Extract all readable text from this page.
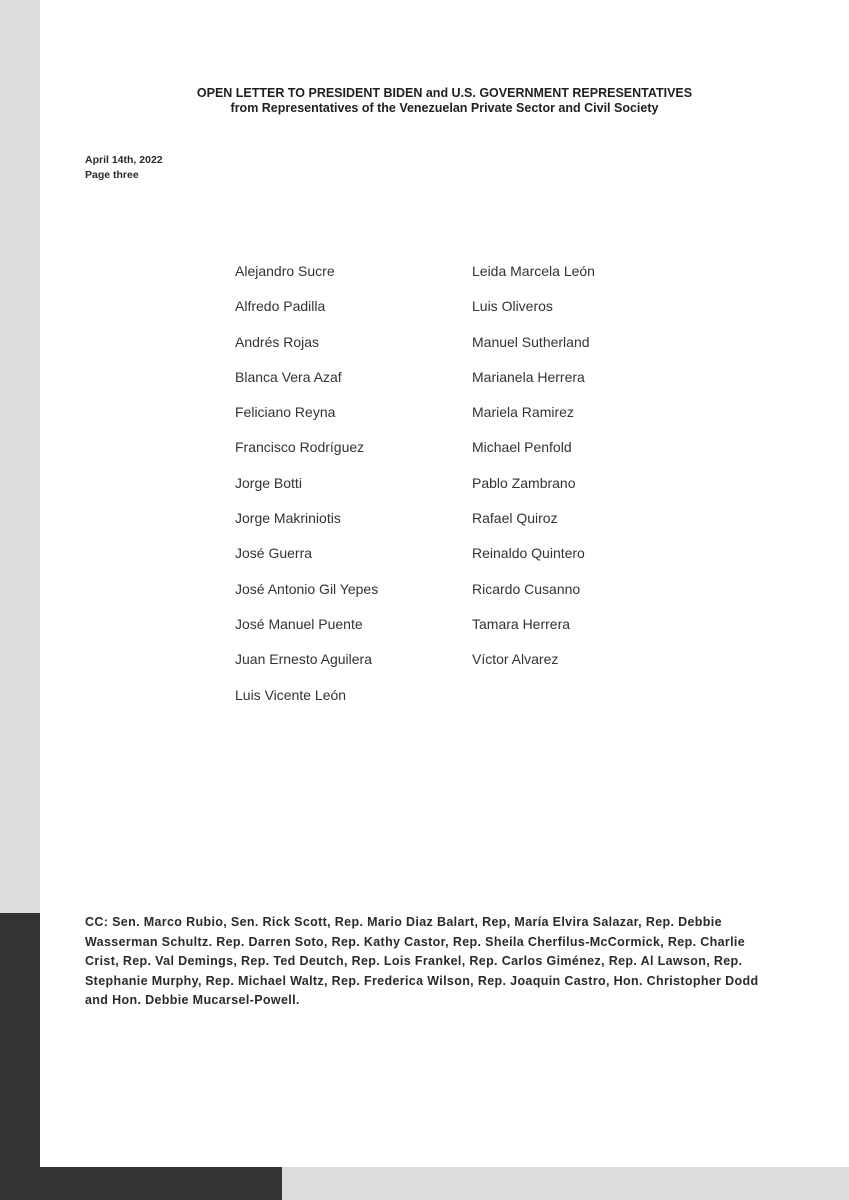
OPEN LETTER TO PRESIDENT BIDEN and U.S. GOVERNMENT REPRESENTATIVES
from Representatives of the Venezuelan Private Sector and Civil Society
April 14th, 2022
Page three
Alejandro Sucre
Alfredo Padilla
Andrés Rojas
Blanca Vera Azaf
Feliciano Reyna
Francisco Rodríguez
Jorge Botti
Jorge Makriniotis
José Guerra
José Antonio Gil Yepes
José Manuel Puente
Juan Ernesto Aguilera
Luis Vicente León
Leida Marcela León
Luis Oliveros
Manuel Sutherland
Marianela Herrera
Mariela Ramirez
Michael Penfold
Pablo Zambrano
Rafael Quiroz
Reinaldo Quintero
Ricardo Cusanno
Tamara Herrera
Víctor Alvarez
CC: Sen. Marco Rubio, Sen. Rick Scott, Rep. Mario Diaz Balart, Rep, María Elvira Salazar, Rep. Debbie Wasserman Schultz. Rep. Darren Soto, Rep. Kathy Castor, Rep. Sheila Cherfilus-McCormick, Rep. Charlie Crist, Rep. Val Demings, Rep. Ted Deutch, Rep. Lois Frankel, Rep. Carlos Giménez, Rep. Al Lawson, Rep. Stephanie Murphy, Rep. Michael Waltz, Rep. Frederica Wilson, Rep. Joaquin Castro, Hon. Christopher Dodd and Hon. Debbie Mucarsel-Powell.
